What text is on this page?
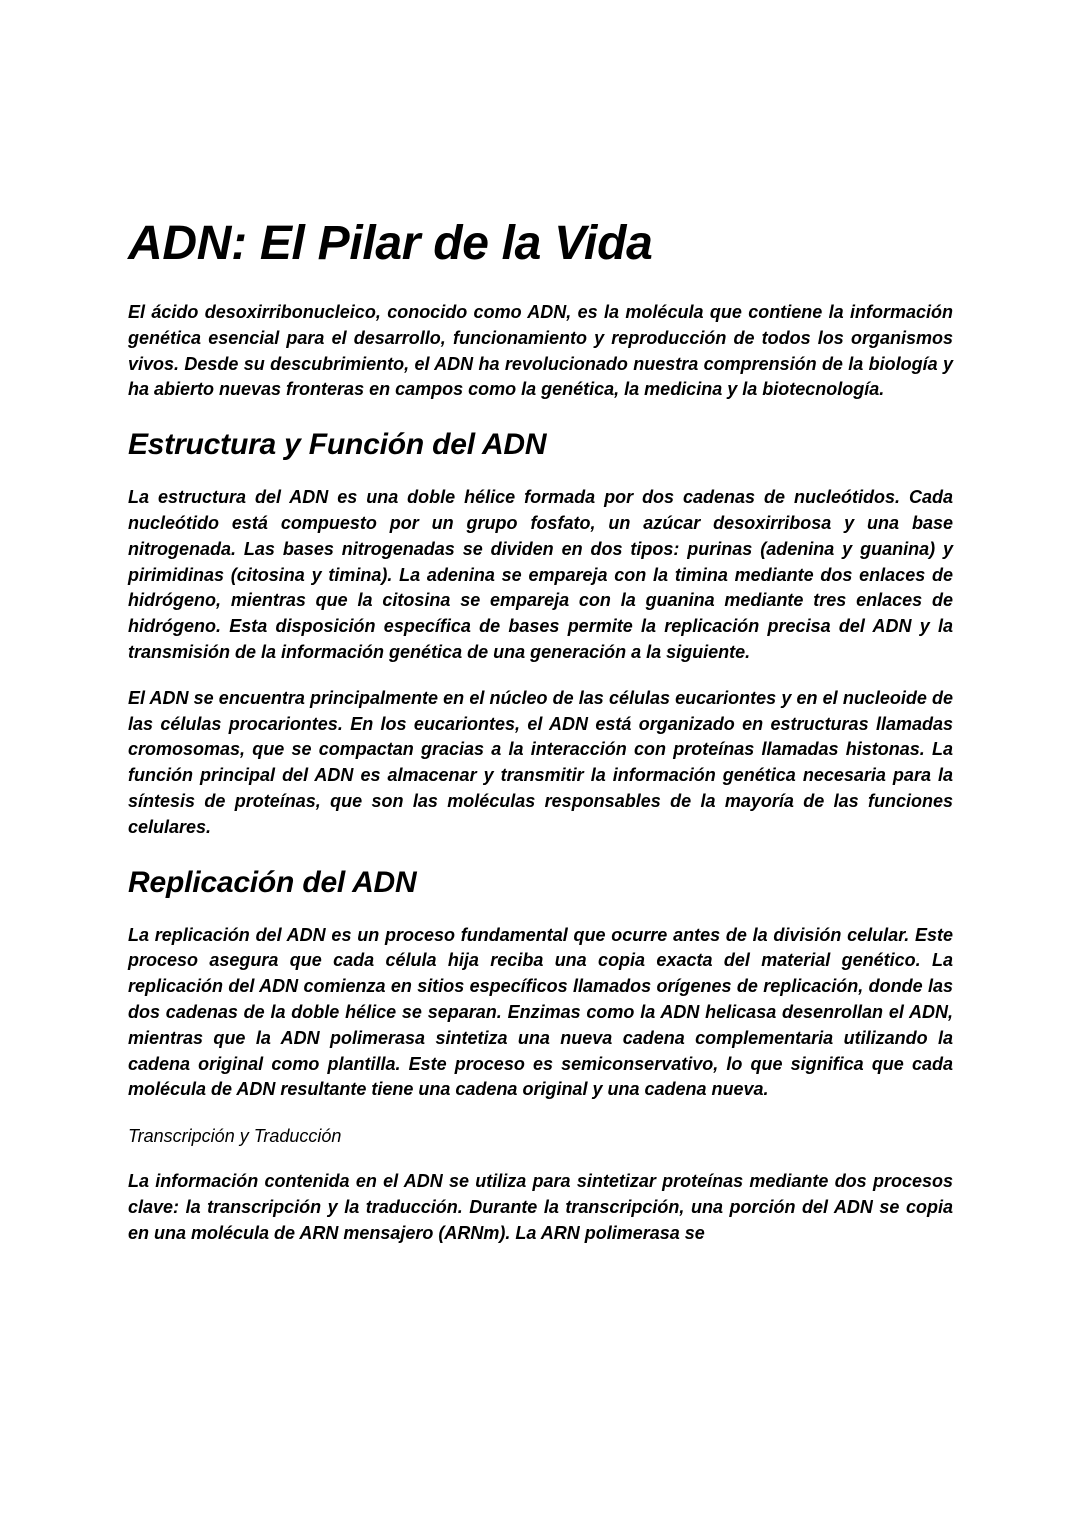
ADN: El Pilar de la Vida

El ácido desoxirribonucleico, conocido como ADN, es la molécula que contiene la información genética esencial para el desarrollo, funcionamiento y reproducción de todos los organismos vivos. Desde su descubrimiento, el ADN ha revolucionado nuestra comprensión de la biología y ha abierto nuevas fronteras en campos como la genética, la medicina y la biotecnología.

Estructura y Función del ADN

La estructura del ADN es una doble hélice formada por dos cadenas de nucleótidos. Cada nucleótido está compuesto por un grupo fosfato, un azúcar desoxirribosa y una base nitrogenada. Las bases nitrogenadas se dividen en dos tipos: purinas (adenina y guanina) y pirimidinas (citosina y timina). La adenina se empareja con la timina mediante dos enlaces de hidrógeno, mientras que la citosina se empareja con la guanina mediante tres enlaces de hidrógeno. Esta disposición específica de bases permite la replicación precisa del ADN y la transmisión de la información genética de una generación a la siguiente.

El ADN se encuentra principalmente en el núcleo de las células eucariontes y en el nucleoide de las células procariontes. En los eucariontes, el ADN está organizado en estructuras llamadas cromosomas, que se compactan gracias a la interacción con proteínas llamadas histonas. La función principal del ADN es almacenar y transmitir la información genética necesaria para la síntesis de proteínas, que son las moléculas responsables de la mayoría de las funciones celulares.

Replicación del ADN

La replicación del ADN es un proceso fundamental que ocurre antes de la división celular. Este proceso asegura que cada célula hija reciba una copia exacta del material genético. La replicación del ADN comienza en sitios específicos llamados orígenes de replicación, donde las dos cadenas de la doble hélice se separan. Enzimas como la ADN helicasa desenrollan el ADN, mientras que la ADN polimerasa sintetiza una nueva cadena complementaria utilizando la cadena original como plantilla. Este proceso es semiconservativo, lo que significa que cada molécula de ADN resultante tiene una cadena original y una cadena nueva.

Transcripción y Traducción

La información contenida en el ADN se utiliza para sintetizar proteínas mediante dos procesos clave: la transcripción y la traducción. Durante la transcripción, una porción del ADN se copia en una molécula de ARN mensajero (ARNm). La ARN polimerasa se
